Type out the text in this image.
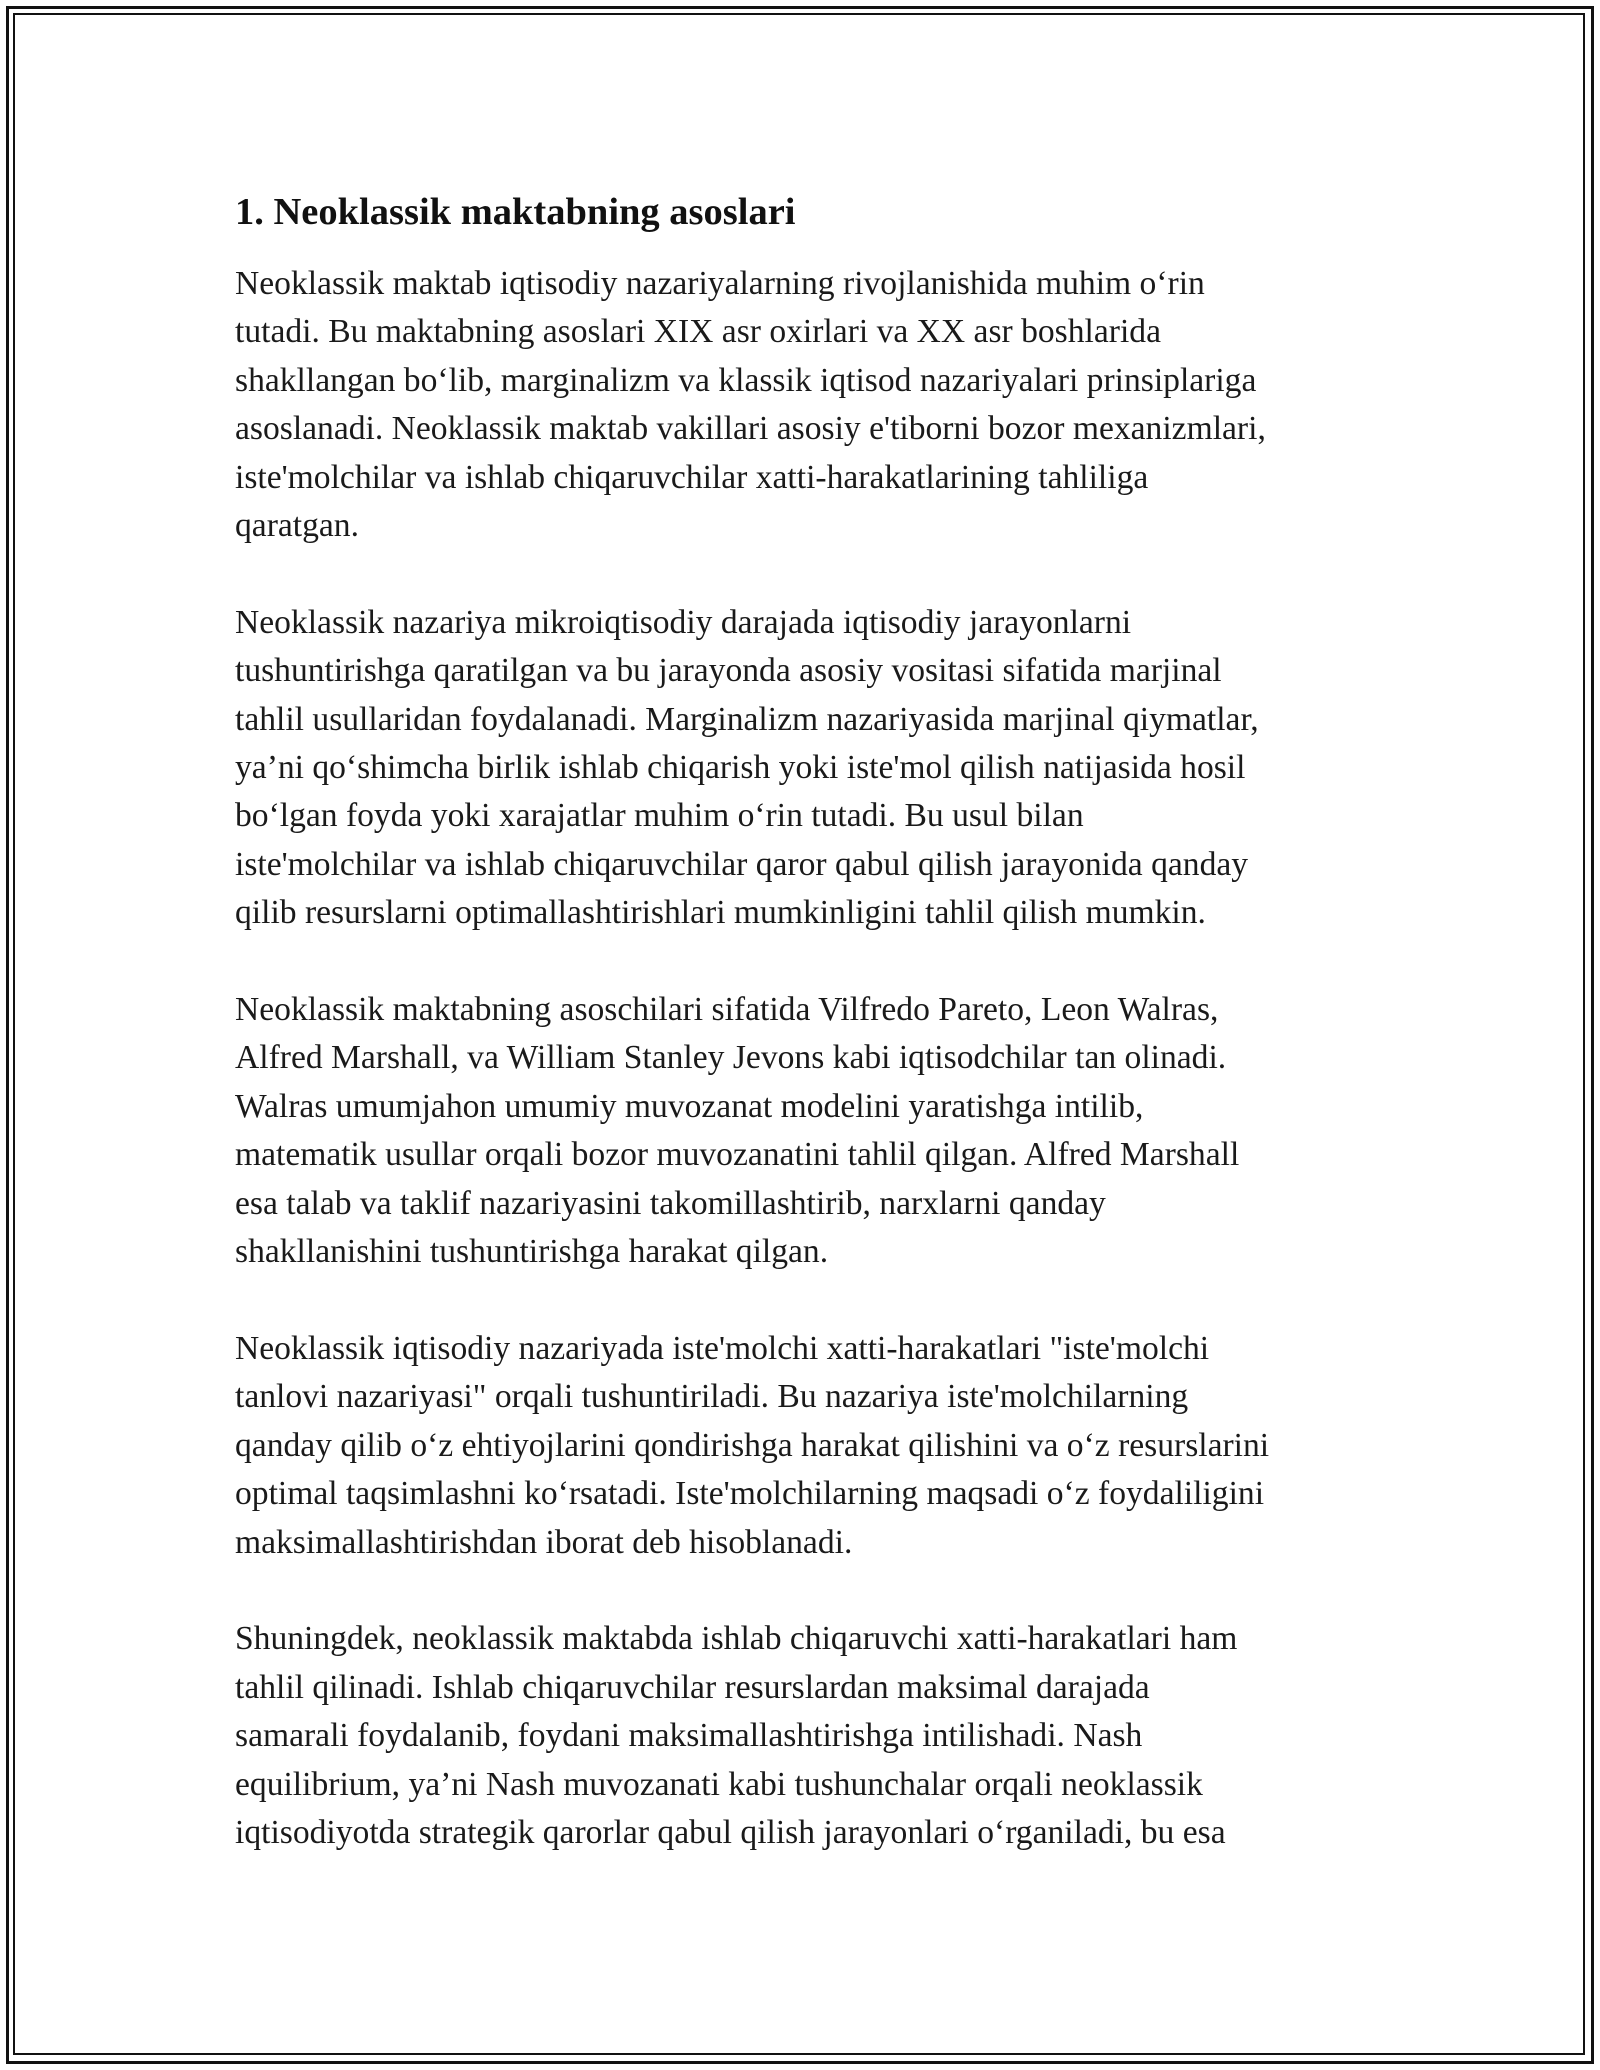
1. Neoklassik maktabning asoslari

Neoklassik maktab iqtisodiy nazariyalarning rivojlanishida muhim o‘rin
tutadi. Bu maktabning asoslari XIX asr oxirlari va XX asr boshlarida
shakllangan bo‘lib, marginalizm va klassik iqtisod nazariyalari prinsiplariga
asoslanadi. Neoklassik maktab vakillari asosiy e'tiborni bozor mexanizmlari,
iste'molchilar va ishlab chiqaruvchilar xatti-harakatlarining tahliliga
qaratgan.

Neoklassik nazariya mikroiqtisodiy darajada iqtisodiy jarayonlarni
tushuntirishga qaratilgan va bu jarayonda asosiy vositasi sifatida marjinal
tahlil usullaridan foydalanadi. Marginalizm nazariyasida marjinal qiymatlar,
ya’ni qo‘shimcha birlik ishlab chiqarish yoki iste'mol qilish natijasida hosil
bo‘lgan foyda yoki xarajatlar muhim o‘rin tutadi. Bu usul bilan
iste'molchilar va ishlab chiqaruvchilar qaror qabul qilish jarayonida qanday
qilib resurslarni optimallashtirishlari mumkinligini tahlil qilish mumkin.

Neoklassik maktabning asoschilari sifatida Vilfredo Pareto, Leon Walras,
Alfred Marshall, va William Stanley Jevons kabi iqtisodchilar tan olinadi.
Walras umumjahon umumiy muvozanat modelini yaratishga intilib,
matematik usullar orqali bozor muvozanatini tahlil qilgan. Alfred Marshall
esa talab va taklif nazariyasini takomillashtirib, narxlarni qanday
shakllanishini tushuntirishga harakat qilgan.

Neoklassik iqtisodiy nazariyada iste'molchi xatti-harakatlari "iste'molchi
tanlovi nazariyasi" orqali tushuntiriladi. Bu nazariya iste'molchilarning
qanday qilib o‘z ehtiyojlarini qondirishga harakat qilishini va o‘z resurslarini
optimal taqsimlashni ko‘rsatadi. Iste'molchilarning maqsadi o‘z foydaliligini
maksimallashtirishdan iborat deb hisoblanadi.

Shuningdek, neoklassik maktabda ishlab chiqaruvchi xatti-harakatlari ham
tahlil qilinadi. Ishlab chiqaruvchilar resurslardan maksimal darajada
samarali foydalanib, foydani maksimallashtirishga intilishadi. Nash
equilibrium, ya’ni Nash muvozanati kabi tushunchalar orqali neoklassik
iqtisodiyotda strategik qarorlar qabul qilish jarayonlari o‘rganiladi, bu esa
